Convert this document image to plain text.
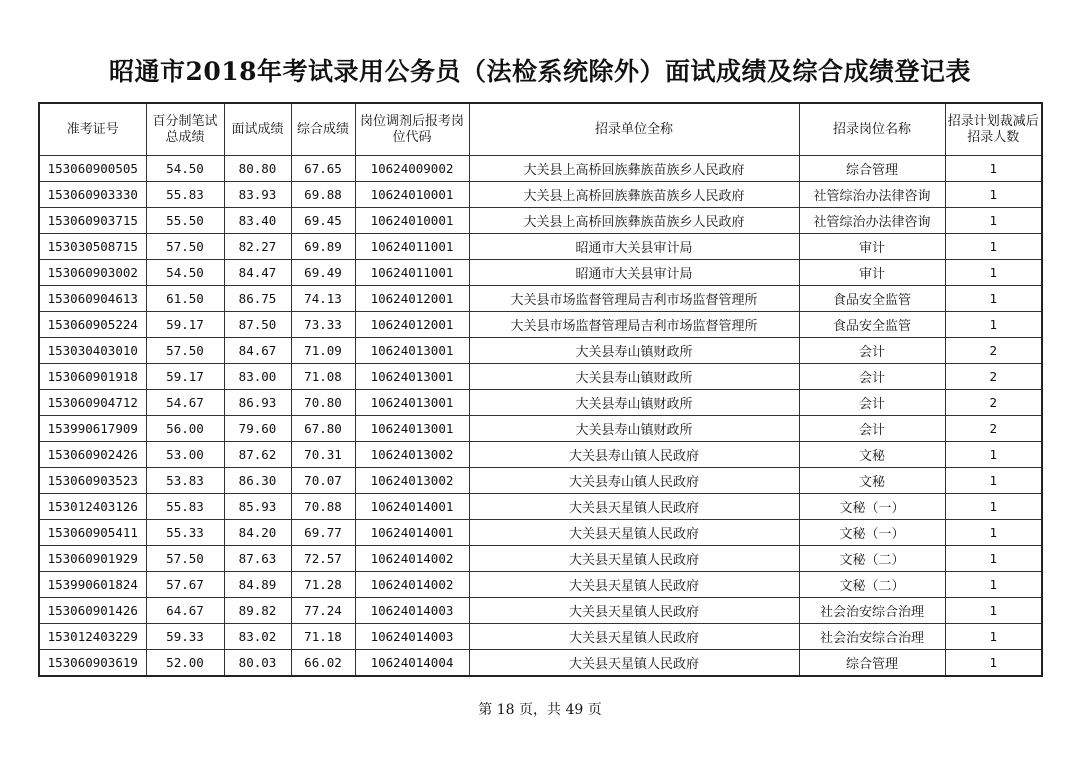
昭通市2018年考试录用公务员（法检系统除外）面试成绩及综合成绩登记表
准考证号	百分制笔试总成绩	面试成绩	综合成绩	岗位调剂后报考岗位代码	招录单位全称	招录岗位名称	招录计划裁减后招录人数
153060900505	54.50	80.80	67.65	10624009002	大关县上高桥回族彝族苗族乡人民政府	综合管理	1
153060903330	55.83	83.93	69.88	10624010001	大关县上高桥回族彝族苗族乡人民政府	社管综治办法律咨询	1
153060903715	55.50	83.40	69.45	10624010001	大关县上高桥回族彝族苗族乡人民政府	社管综治办法律咨询	1
153030508715	57.50	82.27	69.89	10624011001	昭通市大关县审计局	审计	1
153060903002	54.50	84.47	69.49	10624011001	昭通市大关县审计局	审计	1
153060904613	61.50	86.75	74.13	10624012001	大关县市场监督管理局吉利市场监督管理所	食品安全监管	1
153060905224	59.17	87.50	73.33	10624012001	大关县市场监督管理局吉利市场监督管理所	食品安全监管	1
153030403010	57.50	84.67	71.09	10624013001	大关县寿山镇财政所	会计	2
153060901918	59.17	83.00	71.08	10624013001	大关县寿山镇财政所	会计	2
153060904712	54.67	86.93	70.80	10624013001	大关县寿山镇财政所	会计	2
153990617909	56.00	79.60	67.80	10624013001	大关县寿山镇财政所	会计	2
153060902426	53.00	87.62	70.31	10624013002	大关县寿山镇人民政府	文秘	1
153060903523	53.83	86.30	70.07	10624013002	大关县寿山镇人民政府	文秘	1
153012403126	55.83	85.93	70.88	10624014001	大关县天星镇人民政府	文秘（一）	1
153060905411	55.33	84.20	69.77	10624014001	大关县天星镇人民政府	文秘（一）	1
153060901929	57.50	87.63	72.57	10624014002	大关县天星镇人民政府	文秘（二）	1
153990601824	57.67	84.89	71.28	10624014002	大关县天星镇人民政府	文秘（二）	1
153060901426	64.67	89.82	77.24	10624014003	大关县天星镇人民政府	社会治安综合治理	1
153012403229	59.33	83.02	71.18	10624014003	大关县天星镇人民政府	社会治安综合治理	1
153060903619	52.00	80.03	66.02	10624014004	大关县天星镇人民政府	综合管理	1
第 18 页，共 49 页
